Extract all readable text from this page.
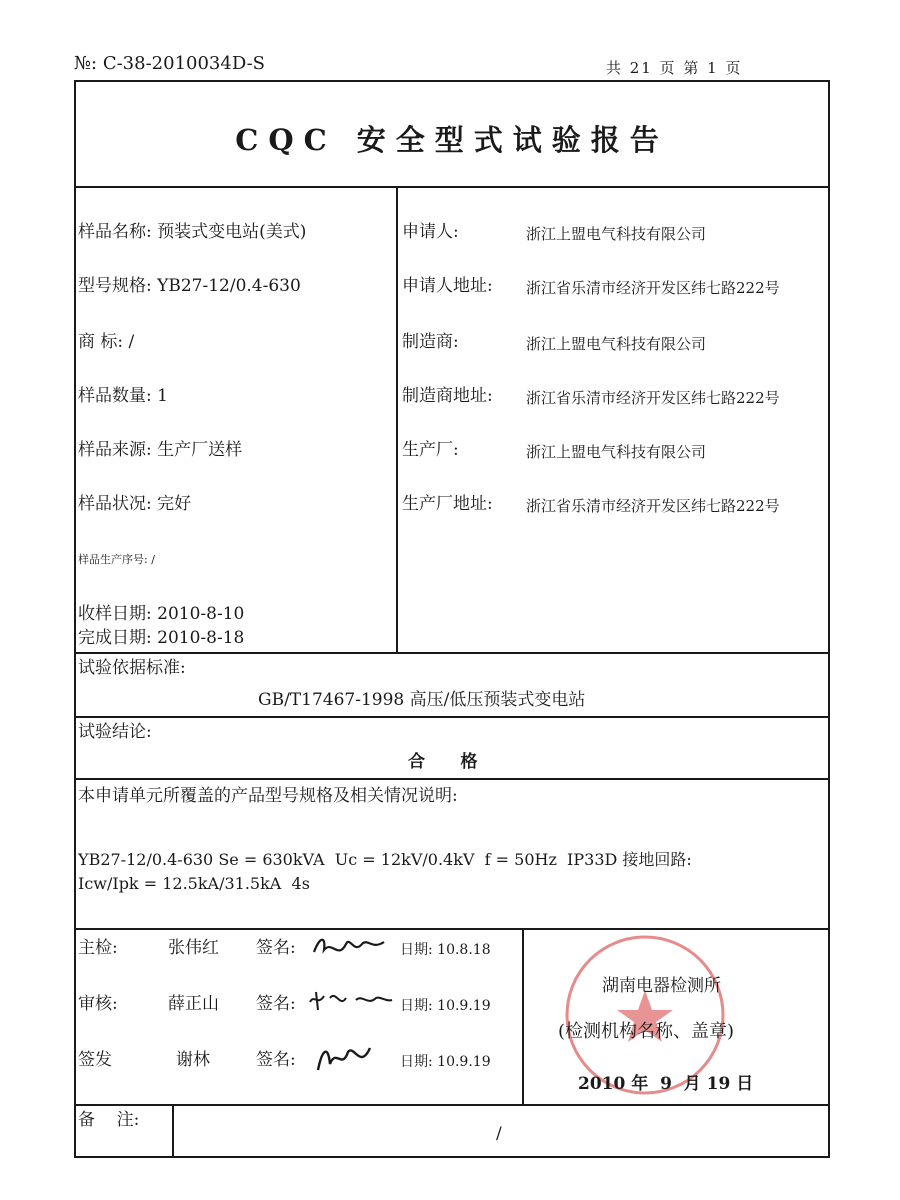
№: C-38-2010034D-S	共 21 页 第 1 页
CQC 安全型式试验报告
样品名称: 预装式变电站(美式)
型号规格: YB27-12/0.4-630
商 标: /
样品数量: 1
样品来源: 生产厂送样
样品状况: 完好
样品生产序号: /
收样日期: 2010-8-10
完成日期: 2010-8-18
申请人:	浙江上盟电气科技有限公司
申请人地址: 浙江省乐清市经济开发区纬七路222号
制造商:	浙江上盟电气科技有限公司
制造商地址: 浙江省乐清市经济开发区纬七路222号
生产厂:	浙江上盟电气科技有限公司
生产厂地址: 浙江省乐清市经济开发区纬七路222号
试验依据标准:
GB/T17467-1998 高压/低压预装式变电站
试验结论:
合      格
本申请单元所覆盖的产品型号规格及相关情况说明:
YB27-12/0.4-630 Se = 630kVA  Uc = 12kV/0.4kV  f = 50Hz  IP33D 接地回路:
Icw/Ipk = 12.5kA/31.5kA  4s
主检:	张伟红 签名:	日期: 10.8.18
审核:	薛正山 签名:	日期: 10.9.19
签发	谢林	签名:	日期: 10.9.19
湖南电器检测所
(检测机构名称、盖章)
2010 年  9  月 19 日
备    注:
/
